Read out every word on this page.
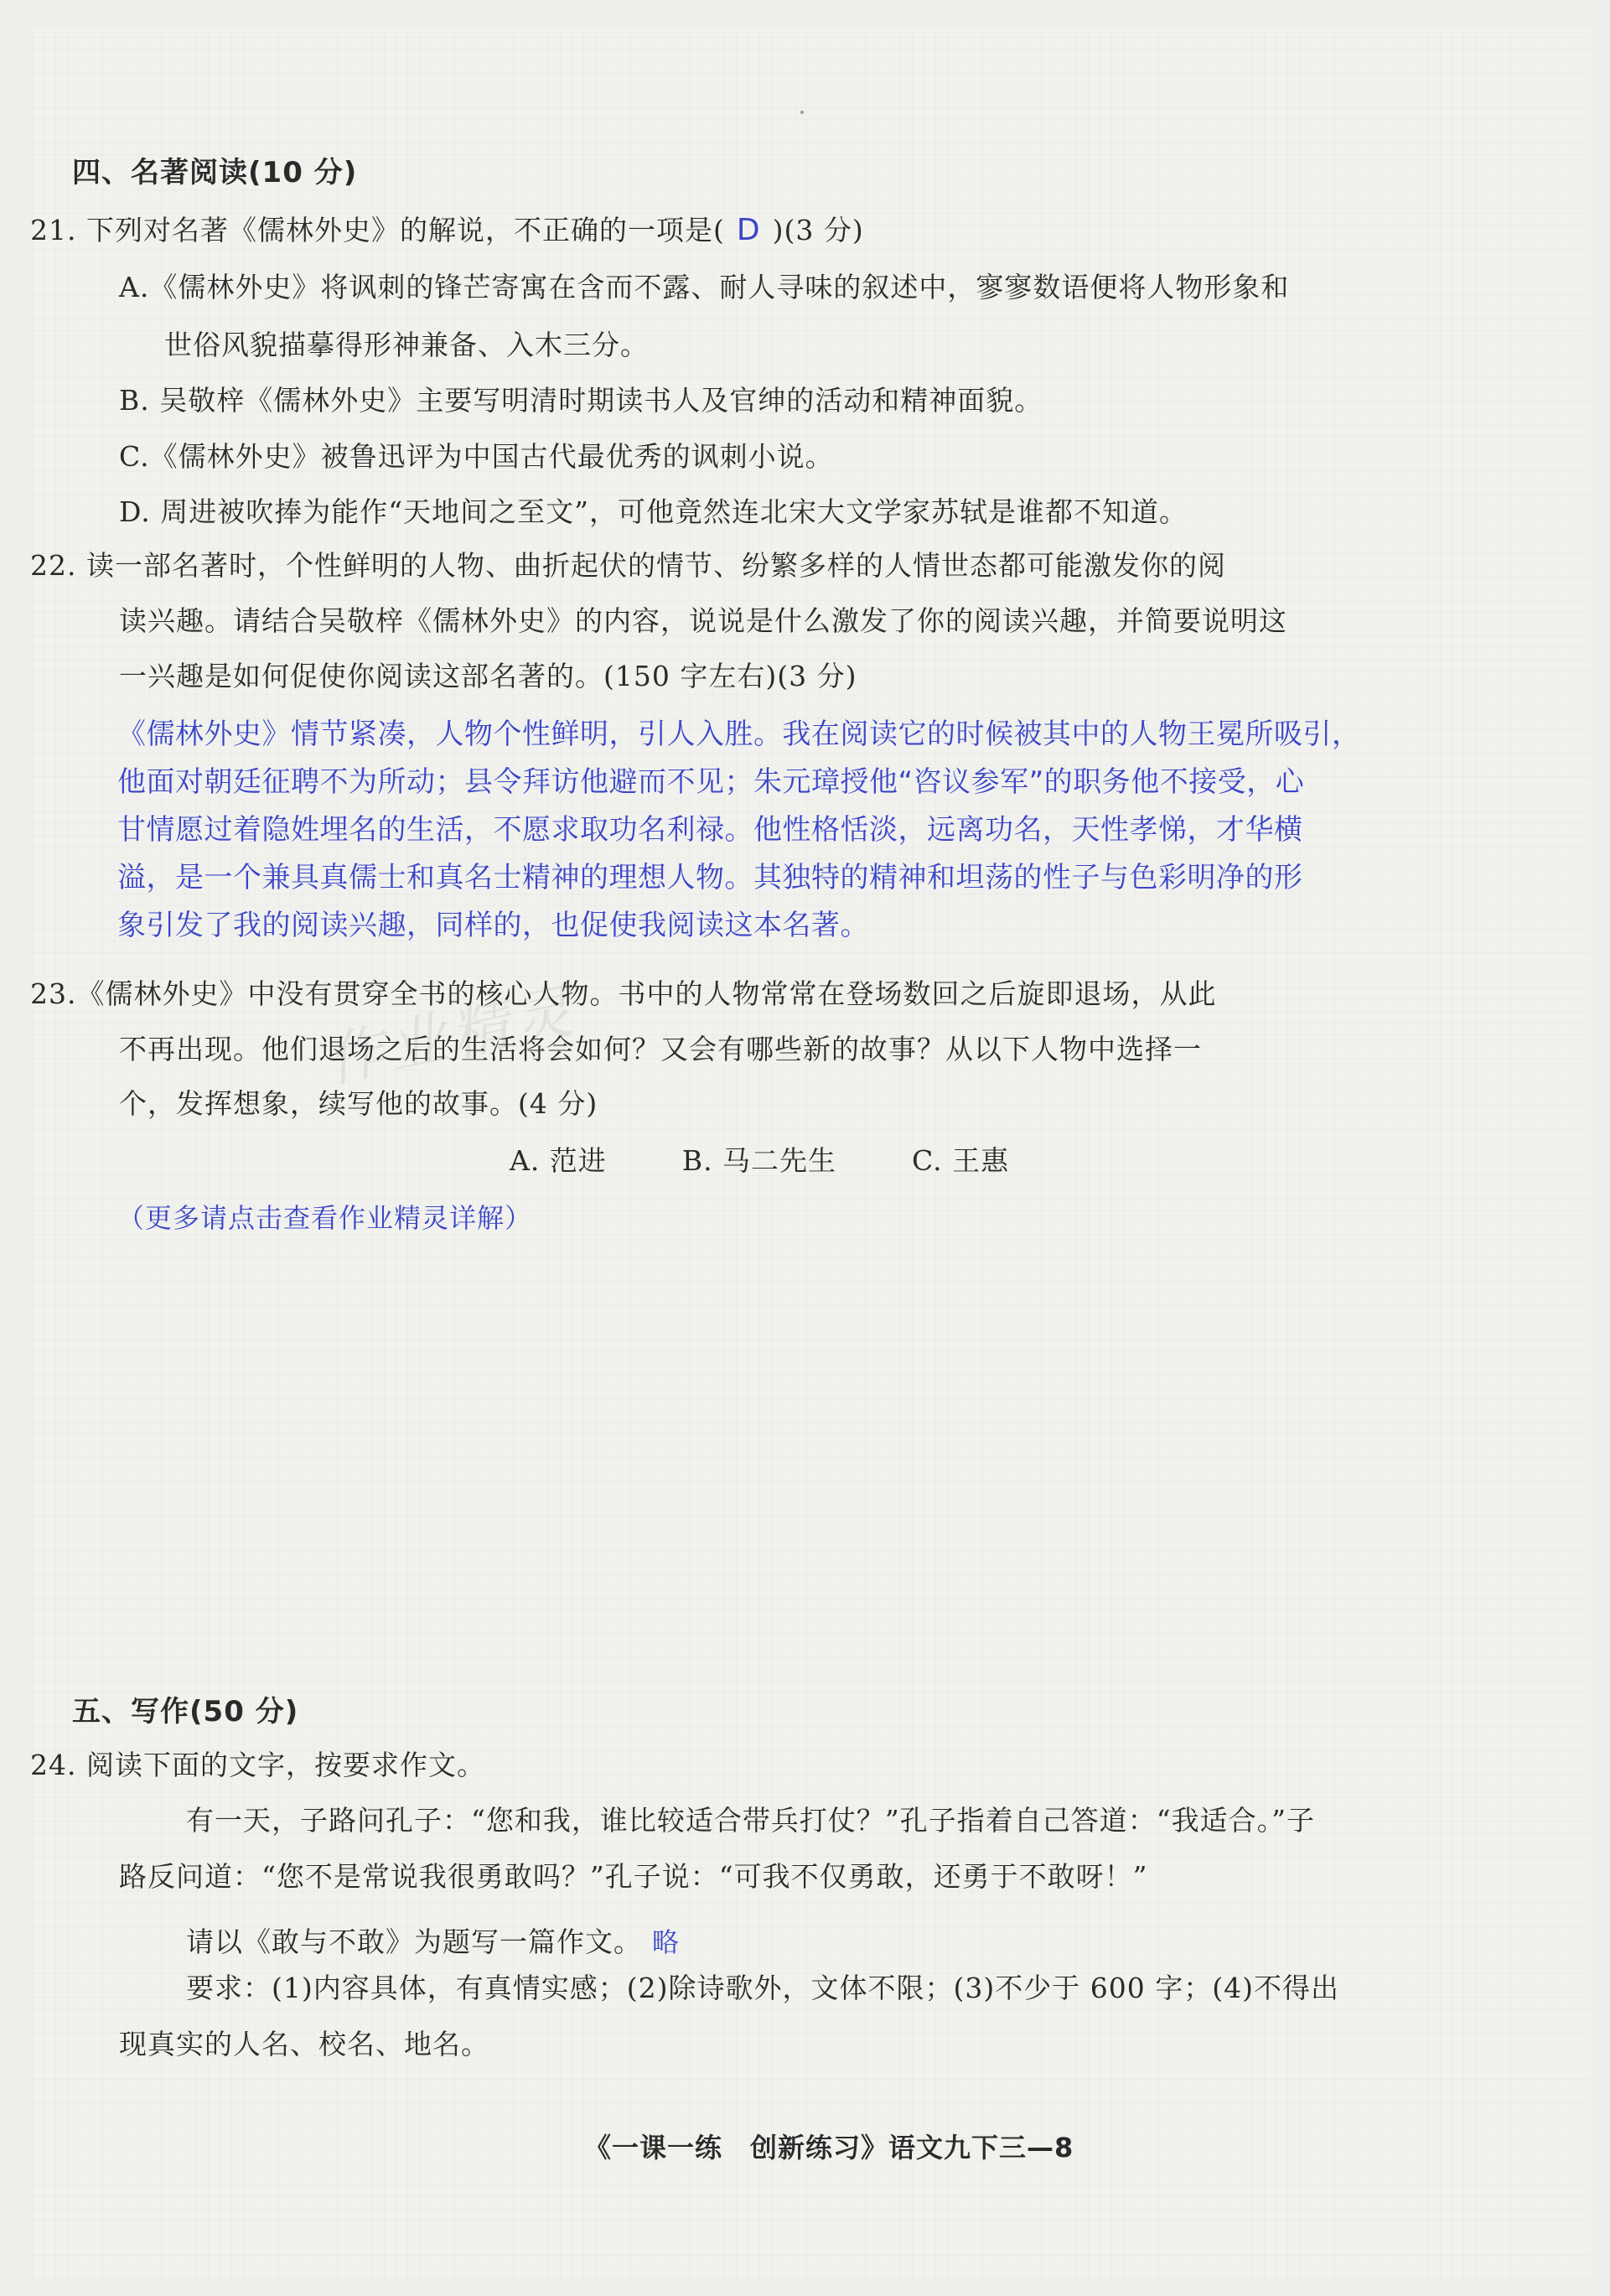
作业精灵
四、名著阅读(10 分)
21. 下列对名著《儒林外史》的解说，不正确的一项是( D )(3 分)
A.《儒林外史》将讽刺的锋芒寄寓在含而不露、耐人寻味的叙述中，寥寥数语便将人物形象和
世俗风貌描摹得形神兼备、入木三分。
B. 吴敬梓《儒林外史》主要写明清时期读书人及官绅的活动和精神面貌。
C.《儒林外史》被鲁迅评为中国古代最优秀的讽刺小说。
D. 周进被吹捧为能作“天地间之至文”，可他竟然连北宋大文学家苏轼是谁都不知道。
22. 读一部名著时，个性鲜明的人物、曲折起伏的情节、纷繁多样的人情世态都可能激发你的阅
读兴趣。请结合吴敬梓《儒林外史》的内容，说说是什么激发了你的阅读兴趣，并简要说明这
一兴趣是如何促使你阅读这部名著的。(150 字左右)(3 分)
《儒林外史》情节紧凑，人物个性鲜明，引人入胜。我在阅读它的时候被其中的人物王冕所吸引，
他面对朝廷征聘不为所动；县令拜访他避而不见；朱元璋授他“咨议参军”的职务他不接受，心
甘情愿过着隐姓埋名的生活，不愿求取功名利禄。他性格恬淡，远离功名，天性孝悌，才华横
溢，是一个兼具真儒士和真名士精神的理想人物。其独特的精神和坦荡的性子与色彩明净的形
象引发了我的阅读兴趣，同样的，也促使我阅读这本名著。
23.《儒林外史》中没有贯穿全书的核心人物。书中的人物常常在登场数回之后旋即退场，从此
不再出现。他们退场之后的生活将会如何？又会有哪些新的故事？从以下人物中选择一
个，发挥想象，续写他的故事。(4 分)
A. 范进	B. 马二先生	C. 王惠
（更多请点击查看作业精灵详解）
五、写作(50 分)
24. 阅读下面的文字，按要求作文。
有一天，子路问孔子：“您和我，谁比较适合带兵打仗？”孔子指着自己答道：“我适合。”子
路反问道：“您不是常说我很勇敢吗？”孔子说：“可我不仅勇敢，还勇于不敢呀！”
请以《敢与不敢》为题写一篇作文。 略
要求：(1)内容具体，有真情实感；(2)除诗歌外，文体不限；(3)不少于 600 字；(4)不得出
现真实的人名、校名、地名。
《一课一练　创新练习》语文九下三—8
